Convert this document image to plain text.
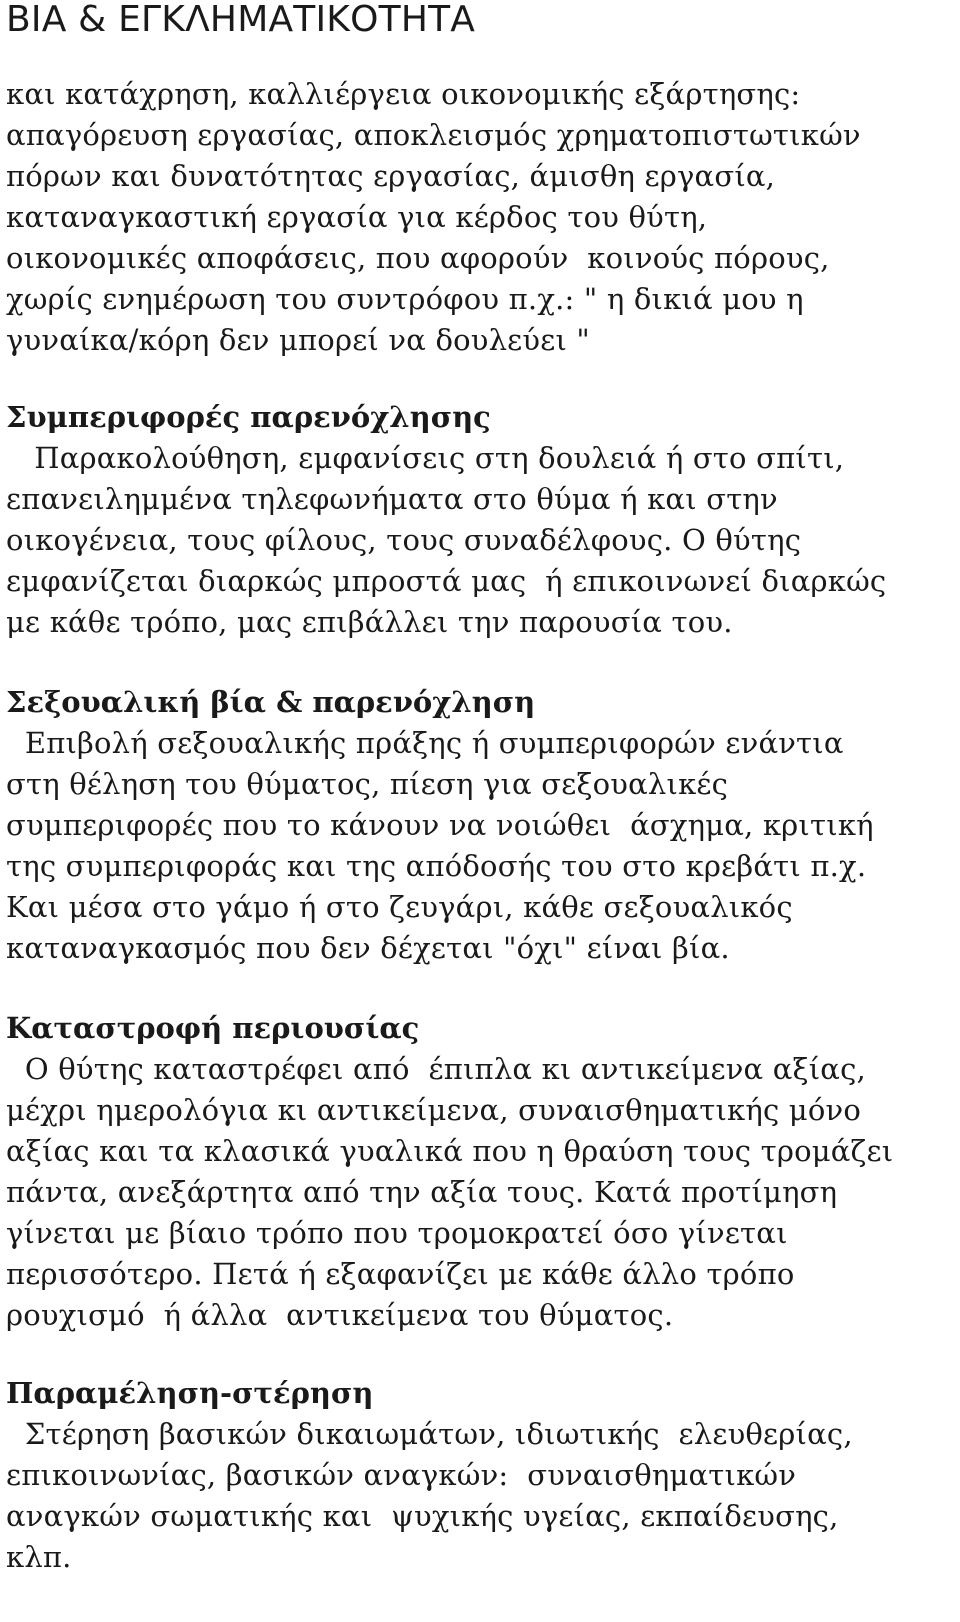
ΒΙΑ & ΕΓΚΛΗΜΑΤΙΚΟΤΗΤΑ
και κατάχρηση, καλλιέργεια οικονομικής εξάρτησης:
απαγόρευση εργασίας, αποκλεισμός χρηματοπιστωτικών
πόρων και δυνατότητας εργασίας, άμισθη εργασία,
καταναγκαστική εργασία για κέρδος του θύτη,
οικονομικές αποφάσεις, που αφορούν  κοινούς πόρους,
χωρίς ενημέρωση του συντρόφου π.χ.: " η δικιά μου η
γυναίκα/κόρη δεν μπορεί να δουλεύει "
Συμπεριφορές παρενόχλησης
Παρακολούθηση, εμφανίσεις στη δουλειά ή στο σπίτι,
επανειλημμένα τηλεφωνήματα στο θύμα ή και στην
οικογένεια, τους φίλους, τους συναδέλφους. Ο θύτης
εμφανίζεται διαρκώς μπροστά μας  ή επικοινωνεί διαρκώς
με κάθε τρόπο, μας επιβάλλει την παρουσία του.
Σεξουαλική βία & παρενόχληση
Επιβολή σεξουαλικής πράξης ή συμπεριφορών ενάντια
στη θέληση του θύματος, πίεση για σεξουαλικές
συμπεριφορές που το κάνουν να νοιώθει  άσχημα, κριτική
της συμπεριφοράς και της απόδοσής του στο κρεβάτι π.χ.
Και μέσα στο γάμο ή στο ζευγάρι, κάθε σεξουαλικός
καταναγκασμός που δεν δέχεται "όχι" είναι βία.
Καταστροφή περιουσίας
Ο θύτης καταστρέφει από  έπιπλα κι αντικείμενα αξίας,
μέχρι ημερολόγια κι αντικείμενα, συναισθηματικής μόνο
αξίας και τα κλασικά γυαλικά που η θραύση τους τρομάζει
πάντα, ανεξάρτητα από την αξία τους. Κατά προτίμηση
γίνεται με βίαιο τρόπο που τρομοκρατεί όσο γίνεται
περισσότερο. Πετά ή εξαφανίζει με κάθε άλλο τρόπο
ρουχισμό  ή άλλα  αντικείμενα του θύματος.
Παραμέληση-στέρηση
Στέρηση βασικών δικαιωμάτων, ιδιωτικής  ελευθερίας,
επικοινωνίας, βασικών αναγκών:  συναισθηματικών
αναγκών σωματικής και  ψυχικής υγείας, εκπαίδευσης,
κλπ.
